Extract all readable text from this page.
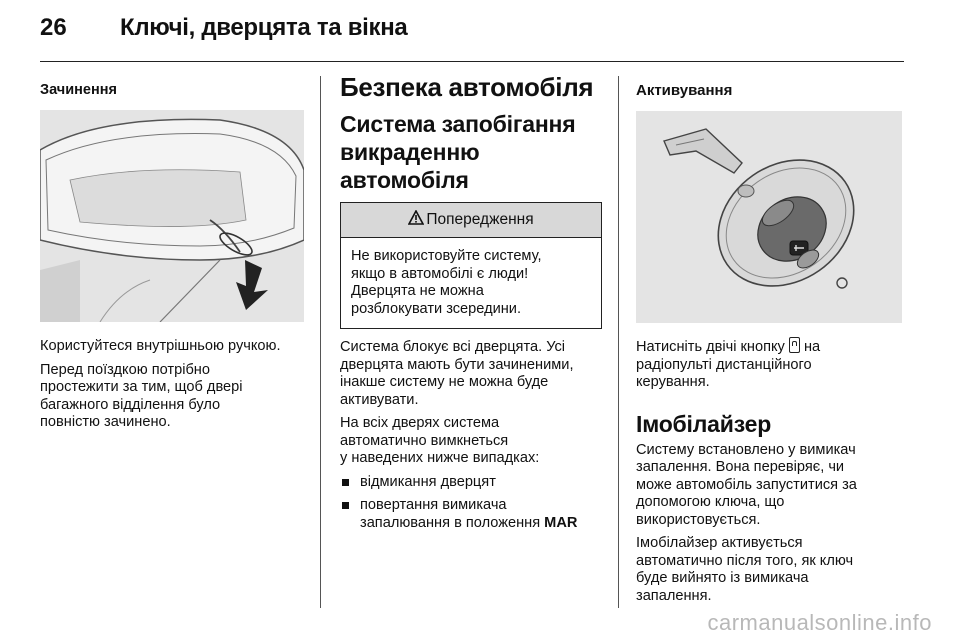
26 Ключі, дверцята та вікна
Зачинення

Користуйтеся внутрішньою ручкою.

Перед поїздкою потрібно
простежити за тим, щоб двері
багажного відділення було
повністю зачинено.

Безпека автомобіля
Система запобігання
викраденню автомобіля
Попередження
Не використовуйте систему,
якщо в автомобілі є люди!
Дверцята не можна
розблокувати зсередини.

Система блокує всі дверцята. Усі
дверцята мають бути зачиненими,
інакше систему не можна буде
активувати.

На всіх дверях система
автоматично вимкнеться
у наведених нижче випадках:

відмикання дверцят
повертання вимикача
запалювання в положення MAR
Активування

Натисніть двічі кнопку  на
радіопульті дистанційного
керування.

Імобілайзер

Систему встановлено у вимикач
запалення. Вона перевіряє, чи
може автомобіль запуститися за
допомогою ключа, що
використовується.

Імобілайзер активується
автоматично після того, як ключ
буде вийнято із вимикача
запалення.

carmanualsonline.info
